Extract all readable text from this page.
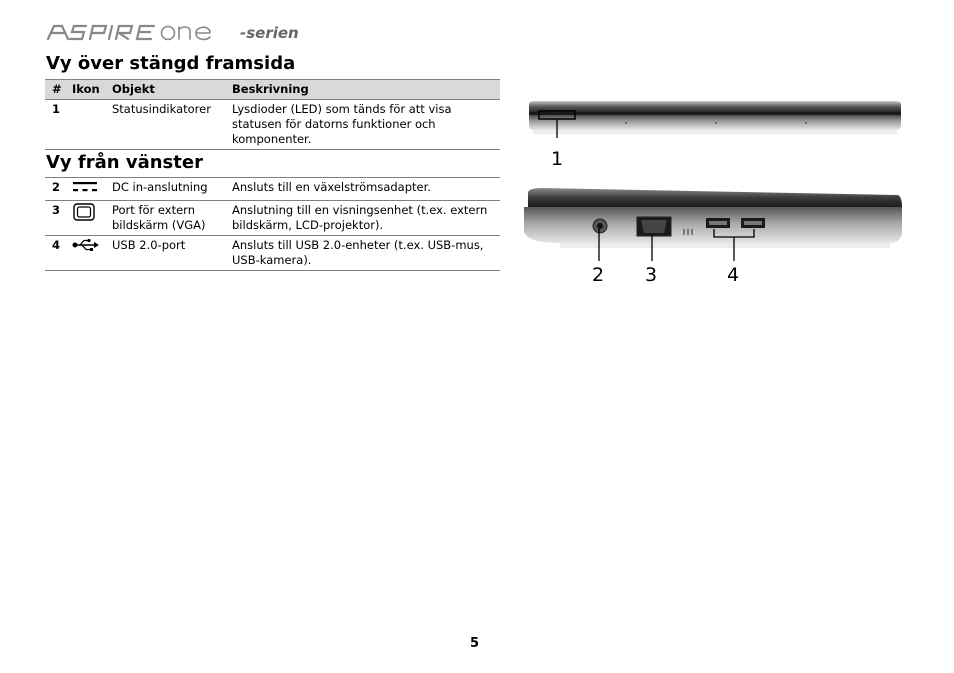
-serien
Vy över stängd framsida
#	Ikon	Objekt	Beskrivning
1		Statusindikatorer	Lysdioder (LED) som tänds för att visa statusen för datorns funktioner och komponenter.
Vy från vänster
2		DC in-anslutning	Ansluts till en växelströmsadapter.
3		Port för extern bildskärm (VGA)	Anslutning till en visningsenhet (t.ex. extern bildskärm, LCD-projektor).
4		USB 2.0-port	Ansluts till USB 2.0-enheter (t.ex. USB-mus, USB-kamera).
1
2 3	4
5
